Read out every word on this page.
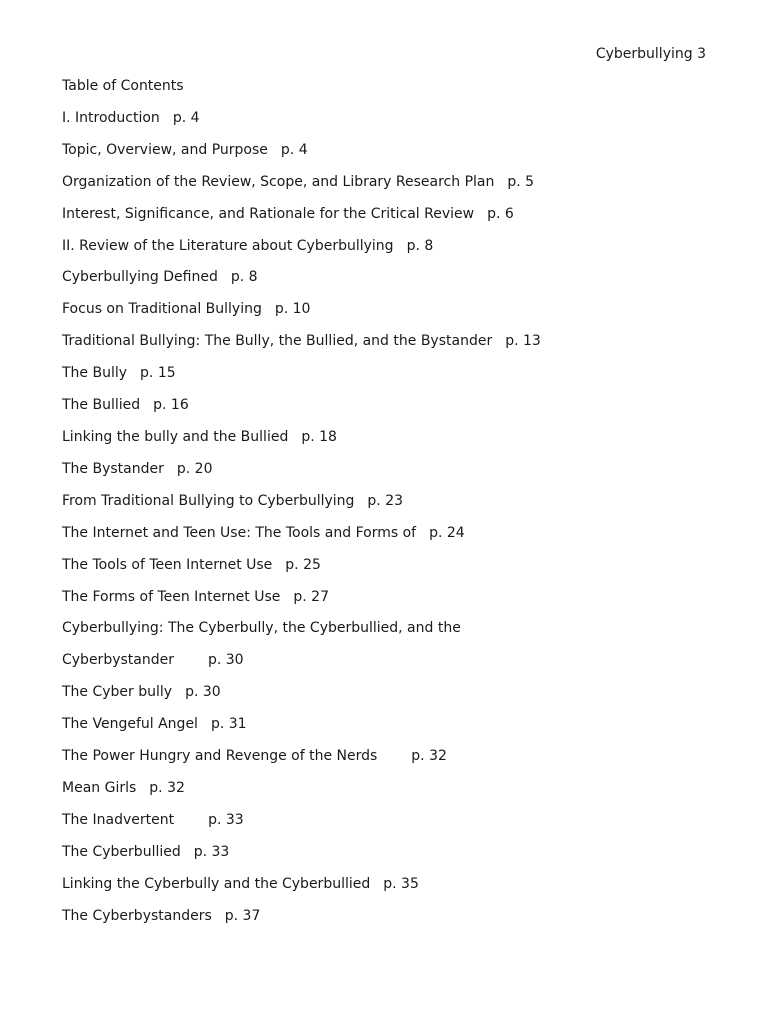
Cyberbullying 3
Table of Contents
I. Introduction p. 4
Topic, Overview, and Purpose p. 4
Organization of the Review, Scope, and Library Research Plan p. 5
Interest, Significance, and Rationale for the Critical Review p. 6
II. Review of the Literature about Cyberbullying p. 8
Cyberbullying Defined p. 8
Focus on Traditional Bullying p. 10
Traditional Bullying: The Bully, the Bullied, and the Bystander p. 13
The Bully p. 15
The Bullied p. 16
Linking the bully and the Bullied p. 18
The Bystander p. 20
From Traditional Bullying to Cyberbullying p. 23
The Internet and Teen Use: The Tools and Forms of p. 24
The Tools of Teen Internet Use p. 25
The Forms of Teen Internet Use p. 27
Cyberbullying: The Cyberbully, the Cyberbullied, and the
Cyberbystander p. 30
The Cyber bully p. 30
The Vengeful Angel p. 31
The Power Hungry and Revenge of the Nerds p. 32
Mean Girls p. 32
The Inadvertent p. 33
The Cyberbullied p. 33
Linking the Cyberbully and the Cyberbullied p. 35
The Cyberbystanders p. 37
